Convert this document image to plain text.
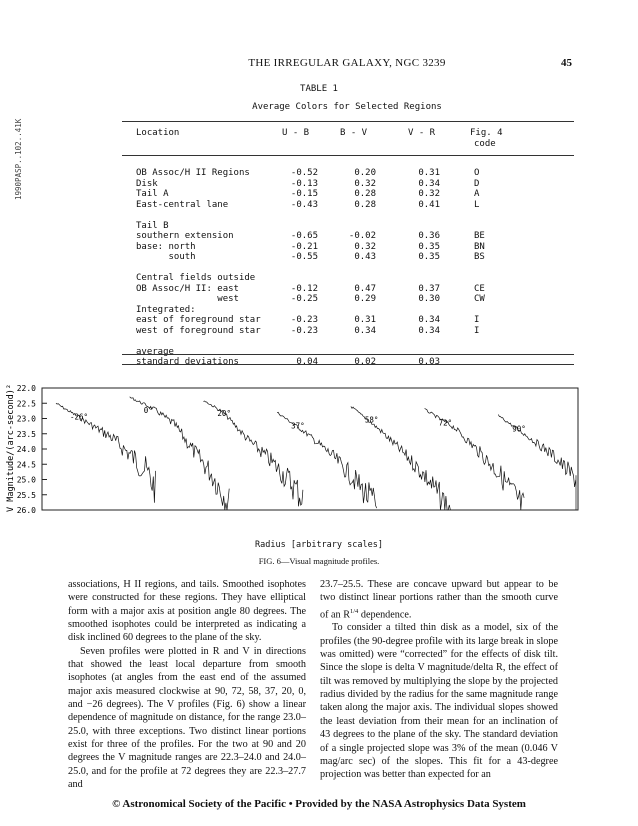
1990PASP..102..41K
THE IRREGULAR GALAXY, NGC 3239	45
TABLE 1
Average Colors for Selected Regions
Location	U - B	B - V	V - R	Fig. 4
code
OB Assoc/H II Regions	-0.52	0.20	0.31	O
Disk	-0.13	0.32	0.34	D
Tail A	-0.15	0.28	0.32	A
East-central lane	-0.43	0.28	0.41	L
Tail B
southern extension	-0.65	-0.02	0.36	BE
base: north	-0.21	0.32	0.35	BN
south	-0.55	0.43	0.35	BS
Central fields outside
OB Assoc/H II: east	-0.12	0.47	0.37	CE
west	-0.25	0.29	0.30	CW
Integrated:
east of foreground star	-0.23	0.31	0.34	I
west of foreground star	-0.23	0.34	0.34	I
average
standard deviations	0.04	0.02	0.03
V Magnitude/(arc-second)² 22.0
22.5
23.0
23.5
24.0
24.5
25.0
25.5
26.0
-26°
0°	20°
37°
58°	72°
90°
Radius [arbitrary scales]
FIG. 6—Visual magnitude profiles.

associations, H II regions, and tails. Smoothed isophotes were constructed for these regions. They have elliptical form with a major axis at position angle 80 degrees. The smoothed isophotes could be interpreted as indicating a disk inclined 60 degrees to the plane of the sky.

Seven profiles were plotted in R and V in directions that showed the least local departure from smooth isophotes (at angles from the east end of the assumed major axis measured clockwise at 90, 72, 58, 37, 20, 0, and −26 degrees). The V profiles (Fig. 6) show a linear dependence of magnitude on distance, for the range 23.0–25.0, with three exceptions. Two distinct linear portions exist for three of the profiles. For the two at 90 and 20 degrees the V magnitude ranges are 22.3–24.0 and 24.0–25.0, and for the profile at 72 degrees they are 22.3–27.7 and

23.7–25.5. These are concave upward but appear to be two distinct linear portions rather than the smooth curve of an $R^{1/4}$ dependence.

To consider a tilted thin disk as a model, six of the profiles (the 90-degree profile with its large break in slope was omitted) were “corrected” for the effects of disk tilt. Since the slope is delta V magnitude/delta R, the effect of tilt was removed by multiplying the slope by the projected radius divided by the radius for the same magnitude range taken along the major axis. The individual slopes showed the least deviation from their mean for an inclination of 43 degrees to the plane of the sky. The standard deviation of a single projected slope was 3% of the mean (0.046 V mag/arc sec) of the slopes. This fit for a 43-degree projection was better than expected for an

© Astronomical Society of the Pacific • Provided by the NASA Astrophysics Data System
